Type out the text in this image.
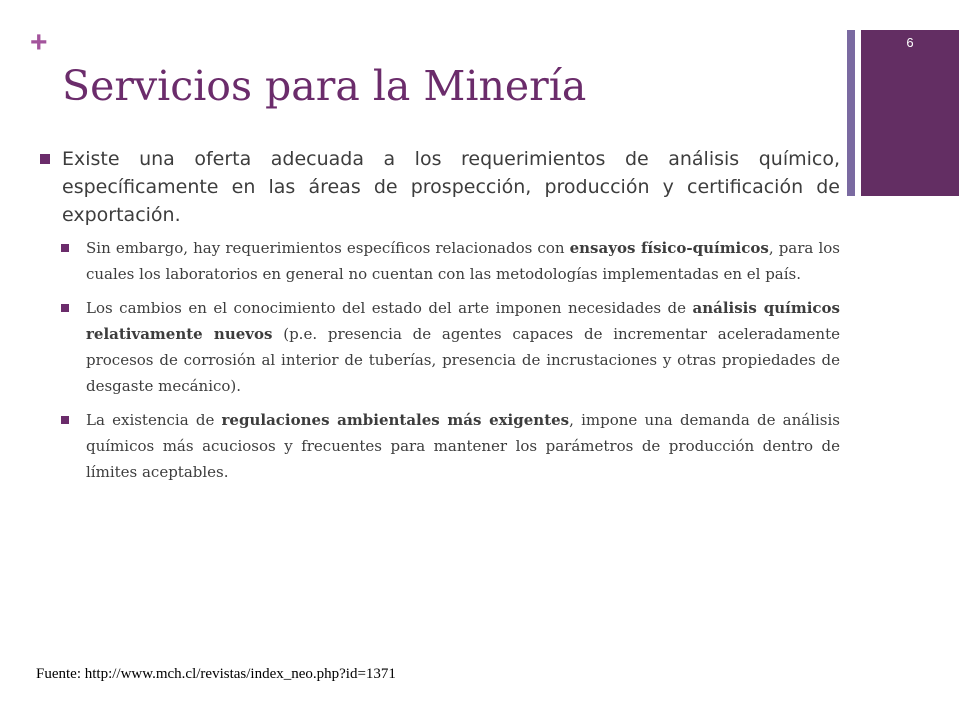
+
Servicios para la Minería
6
Existe una oferta adecuada a los requerimientos de análisis químico, específicamente en las áreas de prospección, producción y certificación de exportación.
Sin embargo, hay requerimientos específicos relacionados con ensayos físico-químicos, para los cuales los laboratorios en general no cuentan con las metodologías implementadas en el país.
Los cambios en el conocimiento del estado del arte imponen necesidades de análisis químicos relativamente nuevos (p.e. presencia de agentes capaces de incrementar aceleradamente procesos de corrosión al interior de tuberías, presencia de incrustaciones y otras propiedades de desgaste mecánico).
La existencia de regulaciones ambientales más exigentes, impone una demanda de análisis químicos más acuciosos y frecuentes para mantener los parámetros de producción dentro de límites aceptables.
Fuente: http://www.mch.cl/revistas/index_neo.php?id=1371
